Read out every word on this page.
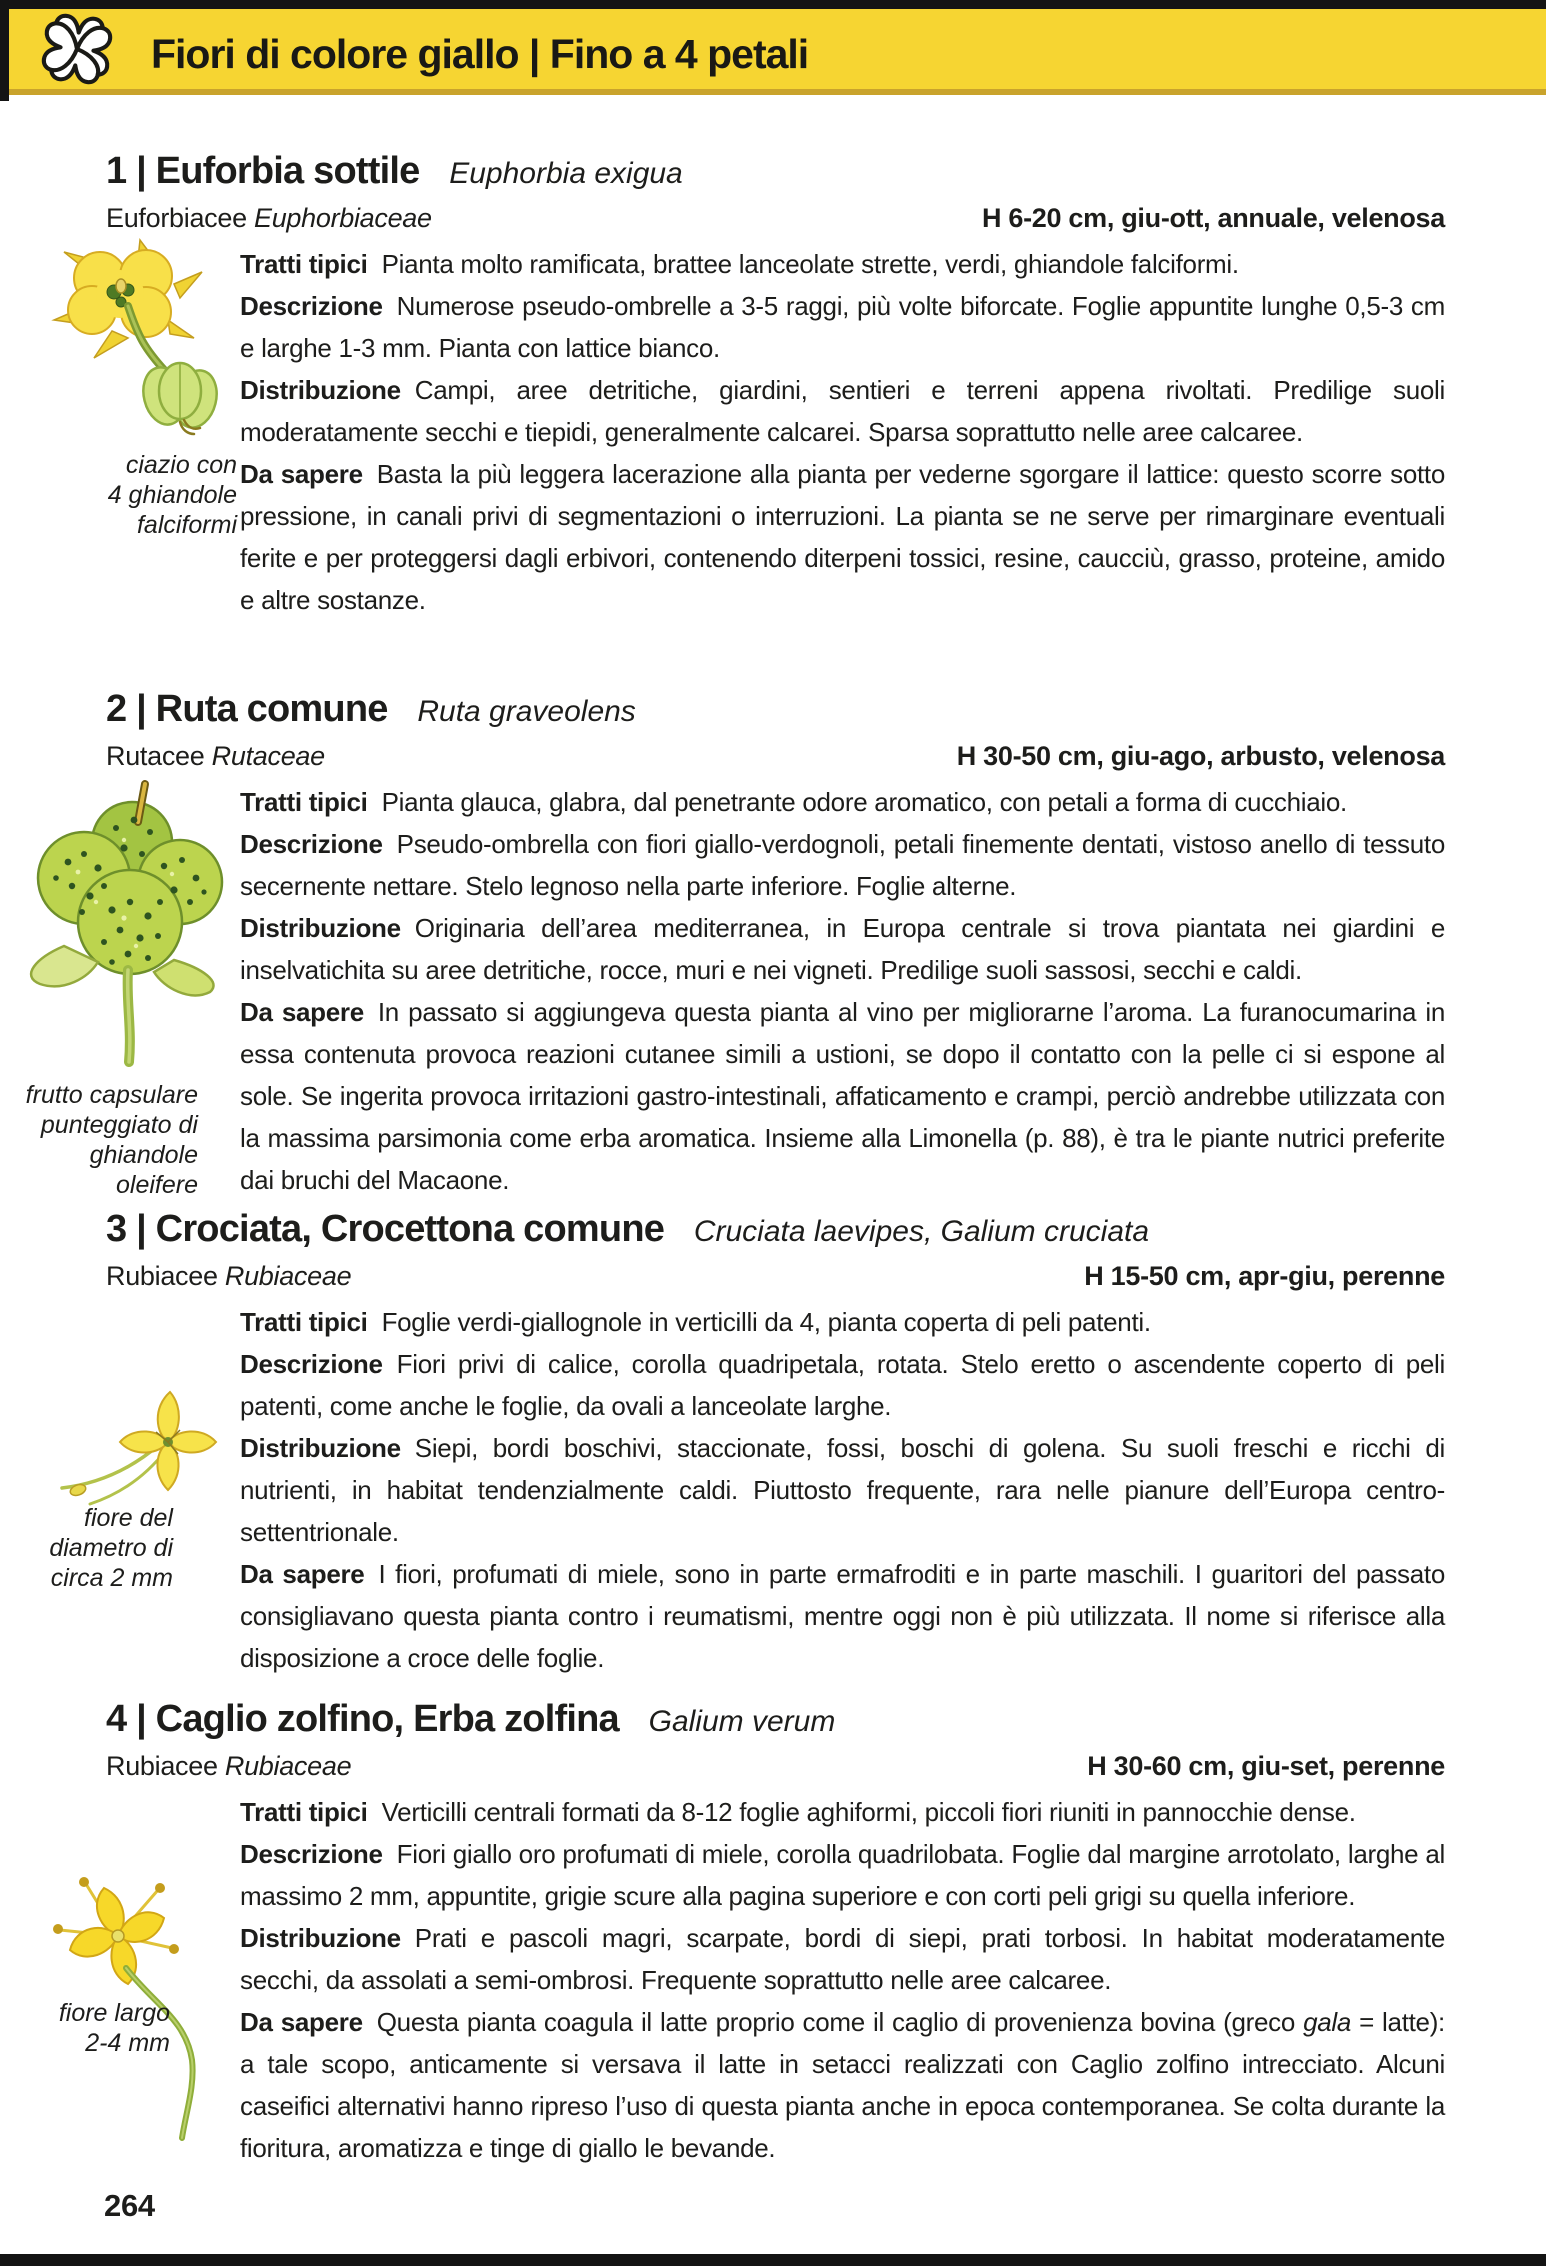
Fiori di colore giallo | Fino a 4 petali
1 | Euforbia sottile Euphorbia exigua
Euforbiacee Euphorbiaceae	H 6-20 cm, giu-ott, annuale, velenosa

Tratti tipici Pianta molto ramificata, brattee lanceolate strette, verdi, ghiandole falciformi.

Descrizione Numerose pseudo-ombrelle a 3-5 raggi, più volte biforcate. Foglie appuntite lunghe 0,5-3 cm e larghe 1-3 mm. Pianta con lattice bianco.

Distribuzione Campi, aree detritiche, giardini, sentieri e terreni appena rivoltati. Predilige suoli moderatamente secchi e tiepidi, generalmente calcarei. Sparsa soprattutto nelle aree calcaree.

Da sapere Basta la più leggera lacerazione alla pianta per vederne sgorgare il lattice: questo scorre sotto pressione, in canali privi di segmentazioni o interruzioni. La pianta se ne serve per rimarginare eventuali ferite e per proteggersi dagli erbivori, contenendo diterpeni tossici, resine, caucciù, grasso, proteine, amido e altre sostanze.

ciazio con
4 ghiandole
falciformi
2 | Ruta comune Ruta graveolens
Rutacee Rutaceae	H 30-50 cm, giu-ago, arbusto, velenosa

Tratti tipici Pianta glauca, glabra, dal penetrante odore aromatico, con petali a forma di cucchiaio.

Descrizione Pseudo-ombrella con fiori giallo-verdognoli, petali finemente dentati, vistoso anello di tessuto secernente nettare. Stelo legnoso nella parte inferiore. Foglie alterne.

Distribuzione Originaria dell’area mediterranea, in Europa centrale si trova piantata nei giardini e inselvatichita su aree detritiche, rocce, muri e nei vigneti. Predilige suoli sassosi, secchi e caldi.

Da sapere In passato si aggiungeva questa pianta al vino per migliorarne l’aroma. La furanocumarina in essa contenuta provoca reazioni cutanee simili a ustioni, se dopo il contatto con la pelle ci si espone al sole. Se ingerita provoca irritazioni gastro-intestinali, affaticamento e crampi, perciò andrebbe utilizzata con la massima parsimonia come erba aromatica. Insieme alla Limonella (p. 88), è tra le piante nutrici preferite dai bruchi del Macaone.

frutto capsulare
punteggiato di
ghiandole oleifere
3 | Crociata, Crocettona comune Cruciata laevipes, Galium cruciata
Rubiacee Rubiaceae	H 15-50 cm, apr-giu, perenne

Tratti tipici Foglie verdi-giallognole in verticilli da 4, pianta coperta di peli patenti.

Descrizione Fiori privi di calice, corolla quadripetala, rotata. Stelo eretto o ascendente coperto di peli patenti, come anche le foglie, da ovali a lanceolate larghe.

Distribuzione Siepi, bordi boschivi, staccionate, fossi, boschi di golena. Su suoli freschi e ricchi di nutrienti, in habitat tendenzialmente caldi. Piuttosto frequente, rara nelle pianure dell’Europa centro-settentrionale.

Da sapere I fiori, profumati di miele, sono in parte ermafroditi e in parte maschili. I guaritori del passato consigliavano questa pianta contro i reumatismi, mentre oggi non è più utilizzata. Il nome si riferisce alla disposizione a croce delle foglie.

fiore del
diametro di
circa 2 mm
4 | Caglio zolfino, Erba zolfina Galium verum
Rubiacee Rubiaceae	H 30-60 cm, giu-set, perenne

Tratti tipici Verticilli centrali formati da 8-12 foglie aghiformi, piccoli fiori riuniti in pannocchie dense.

Descrizione Fiori giallo oro profumati di miele, corolla quadrilobata. Foglie dal margine arrotolato, larghe al massimo 2 mm, appuntite, grigie scure alla pagina superiore e con corti peli grigi su quella inferiore.

Distribuzione Prati e pascoli magri, scarpate, bordi di siepi, prati torbosi. In habitat moderatamente secchi, da assolati a semi-ombrosi. Frequente soprattutto nelle aree calcaree.

Da sapere Questa pianta coagula il latte proprio come il caglio di provenienza bovina (greco gala = latte): a tale scopo, anticamente si versava il latte in setacci realizzati con Caglio zolfino intrecciato. Alcuni caseifici alternativi hanno ripreso l’uso di questa pianta anche in epoca contemporanea. Se colta durante la fioritura, aromatizza e tinge di giallo le bevande.

fiore largo
2-4 mm
264
